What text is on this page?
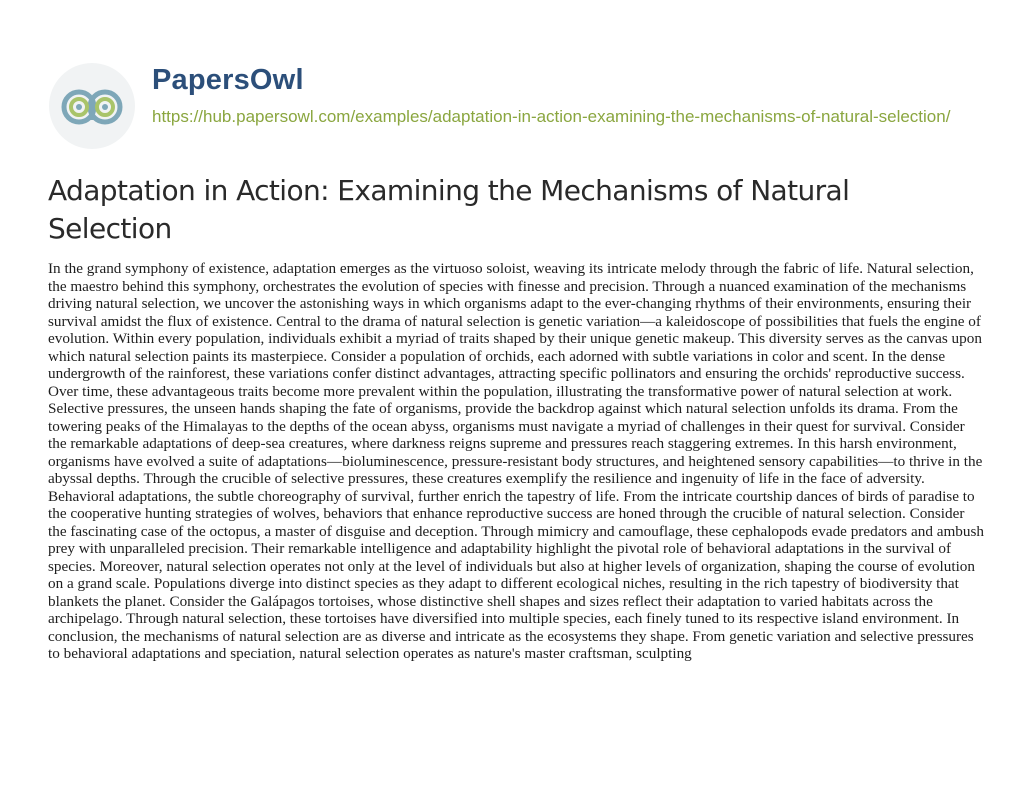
PapersOwl
https://hub.papersowl.com/examples/adaptation-in-action-examining-the-mechanisms-of-natural-selection/
Adaptation in Action: Examining the Mechanisms of Natural Selection

In the grand symphony of existence, adaptation emerges as the virtuoso soloist, weaving its intricate melody through the fabric of life. Natural selection, the maestro behind this symphony, orchestrates the evolution of species with finesse and precision. Through a nuanced examination of the mechanisms driving natural selection, we uncover the astonishing ways in which organisms adapt to the ever-changing rhythms of their environments, ensuring their survival amidst the flux of existence. Central to the drama of natural selection is genetic variation—a kaleidoscope of possibilities that fuels the engine of evolution. Within every population, individuals exhibit a myriad of traits shaped by their unique genetic makeup. This diversity serves as the canvas upon which natural selection paints its masterpiece. Consider a population of orchids, each adorned with subtle variations in color and scent. In the dense undergrowth of the rainforest, these variations confer distinct advantages, attracting specific pollinators and ensuring the orchids' reproductive success. Over time, these advantageous traits become more prevalent within the population, illustrating the transformative power of natural selection at work. Selective pressures, the unseen hands shaping the fate of organisms, provide the backdrop against which natural selection unfolds its drama. From the towering peaks of the Himalayas to the depths of the ocean abyss, organisms must navigate a myriad of challenges in their quest for survival. Consider the remarkable adaptations of deep-sea creatures, where darkness reigns supreme and pressures reach staggering extremes. In this harsh environment, organisms have evolved a suite of adaptations—bioluminescence, pressure-resistant body structures, and heightened sensory capabilities—to thrive in the abyssal depths. Through the crucible of selective pressures, these creatures exemplify the resilience and ingenuity of life in the face of adversity. Behavioral adaptations, the subtle choreography of survival, further enrich the tapestry of life. From the intricate courtship dances of birds of paradise to the cooperative hunting strategies of wolves, behaviors that enhance reproductive success are honed through the crucible of natural selection. Consider the fascinating case of the octopus, a master of disguise and deception. Through mimicry and camouflage, these cephalopods evade predators and ambush prey with unparalleled precision. Their remarkable intelligence and adaptability highlight the pivotal role of behavioral adaptations in the survival of species. Moreover, natural selection operates not only at the level of individuals but also at higher levels of organization, shaping the course of evolution on a grand scale. Populations diverge into distinct species as they adapt to different ecological niches, resulting in the rich tapestry of biodiversity that blankets the planet. Consider the Galápagos tortoises, whose distinctive shell shapes and sizes reflect their adaptation to varied habitats across the archipelago. Through natural selection, these tortoises have diversified into multiple species, each finely tuned to its respective island environment. In conclusion, the mechanisms of natural selection are as diverse and intricate as the ecosystems they shape. From genetic variation and selective pressures to behavioral adaptations and speciation, natural selection operates as nature's master craftsman, sculpting
